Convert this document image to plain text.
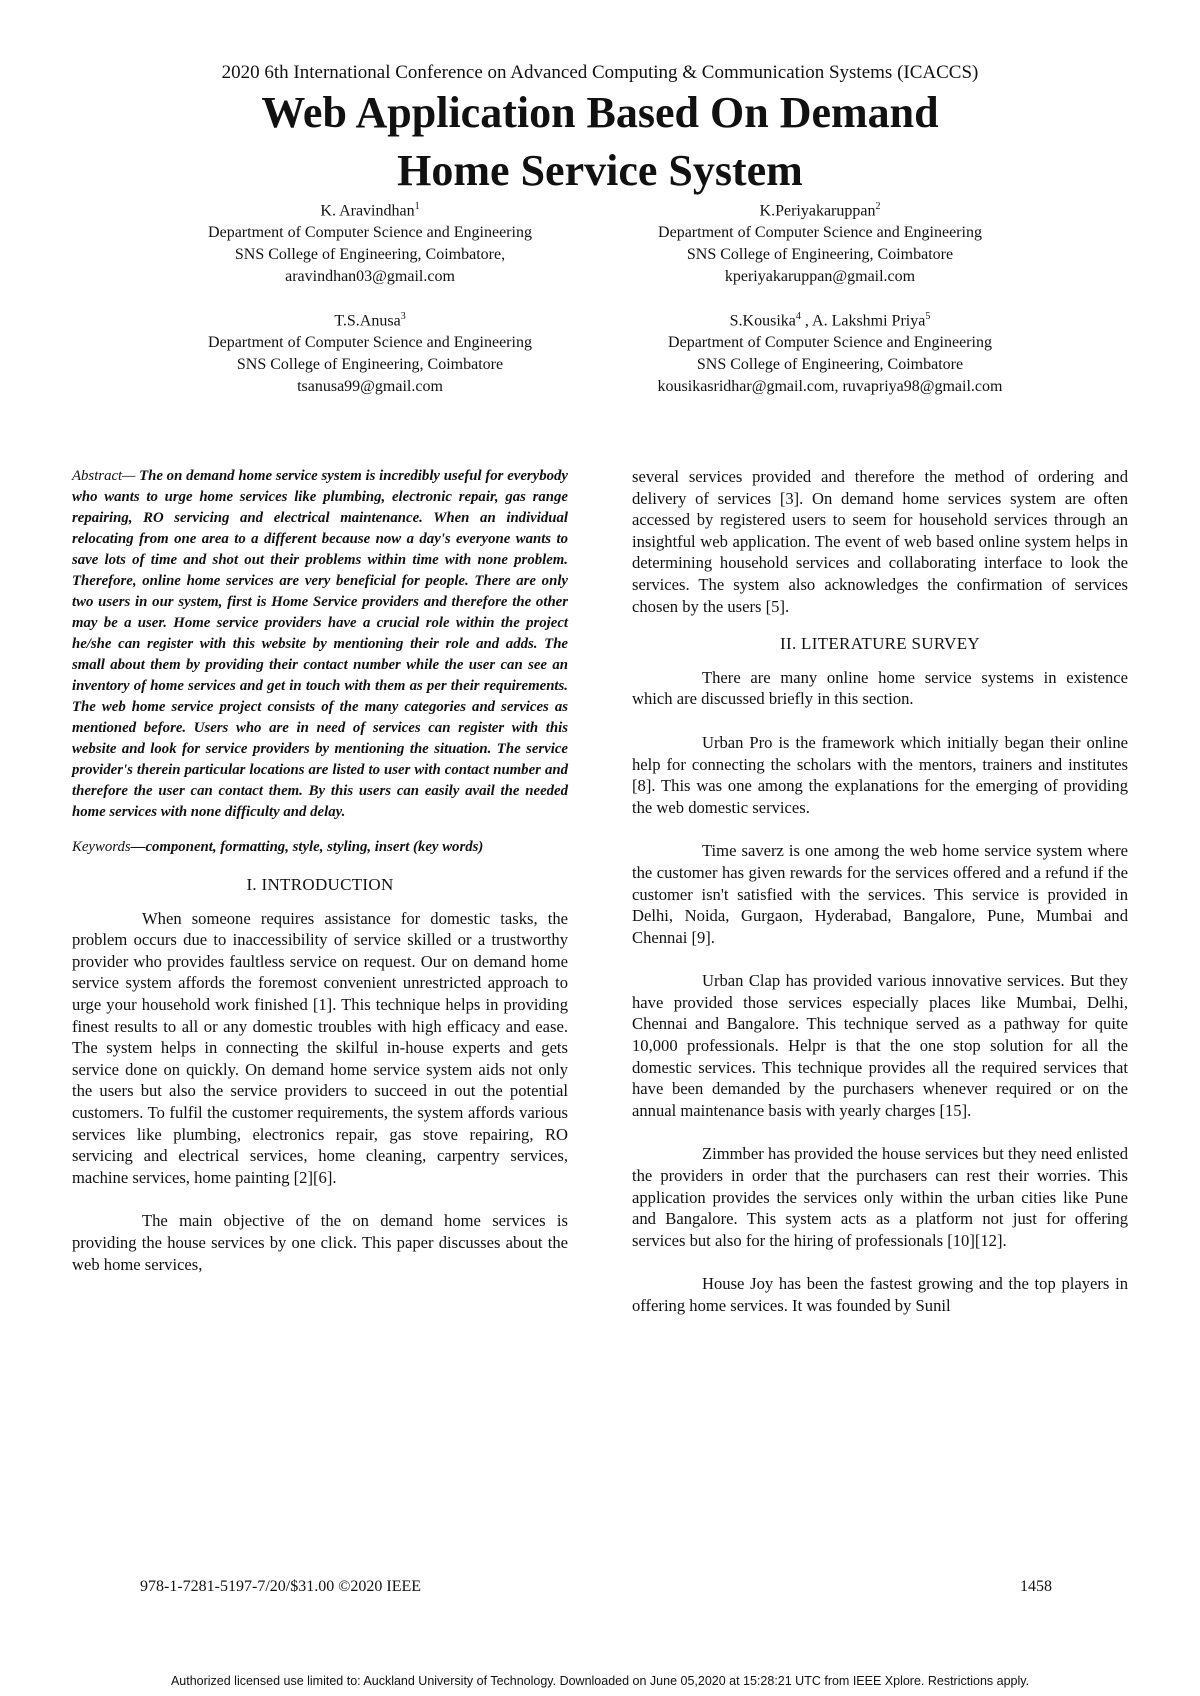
2020 6th International Conference on Advanced Computing & Communication Systems (ICACCS)
Web Application Based On Demand
Home Service System
K. Aravindhan$^1$
Department of Computer Science and Engineering
SNS College of Engineering, Coimbatore,
aravindhan03@gmail.com
K.Periyakaruppan$^2$
Department of Computer Science and Engineering
SNS College of Engineering, Coimbatore
kperiyakaruppan@gmail.com
T.S.Anusa$^3$
Department of Computer Science and Engineering
SNS College of Engineering, Coimbatore
tsanusa99@gmail.com
S.Kousika$^4$ , A. Lakshmi Priya$^5$
Department of Computer Science and Engineering
SNS College of Engineering, Coimbatore
kousikasridhar@gmail.com, ruvapriya98@gmail.com

Abstract— The on demand home service system is incredibly useful for everybody who wants to urge home services like plumbing, electronic repair, gas range repairing, RO servicing and electrical maintenance. When an individual relocating from one area to a different because now a day's everyone wants to save lots of time and shot out their problems within time with none problem. Therefore, online home services are very beneficial for people. There are only two users in our system, first is Home Service providers and therefore the other may be a user. Home service providers have a crucial role within the project he/she can register with this website by mentioning their role and adds. The small about them by providing their contact number while the user can see an inventory of home services and get in touch with them as per their requirements. The web home service project consists of the many categories and services as mentioned before. Users who are in need of services can register with this website and look for service providers by mentioning the situation. The service provider's therein particular locations are listed to user with contact number and therefore the user can contact them. By this users can easily avail the needed home services with none difficulty and delay.

Keywords—component, formatting, style, styling, insert (key words)

I. INTRODUCTION

When someone requires assistance for domestic tasks, the problem occurs due to inaccessibility of service skilled or a trustworthy provider who provides faultless service on request. Our on demand home service system affords the foremost convenient unrestricted approach to urge your household work finished [1]. This technique helps in providing finest results to all or any domestic troubles with high efficacy and ease. The system helps in connecting the skilful in-house experts and gets service done on quickly. On demand home service system aids not only the users but also the service providers to succeed in out the potential customers. To fulfil the customer requirements, the system affords various services like plumbing, electronics repair, gas stove repairing, RO servicing and electrical services, home cleaning, carpentry services, machine services, home painting [2][6].

The main objective of the on demand home services is providing the house services by one click. This paper discusses about the web home services,

several services provided and therefore the method of ordering and delivery of services [3]. On demand home services system are often accessed by registered users to seem for household services through an insightful web application. The event of web based online system helps in determining household services and collaborating interface to look the services. The system also acknowledges the confirmation of services chosen by the users [5].

II. LITERATURE SURVEY

There are many online home service systems in existence which are discussed briefly in this section.

Urban Pro is the framework which initially began their online help for connecting the scholars with the mentors, trainers and institutes [8]. This was one among the explanations for the emerging of providing the web domestic services.

Time saverz is one among the web home service system where the customer has given rewards for the services offered and a refund if the customer isn't satisfied with the services. This service is provided in Delhi, Noida, Gurgaon, Hyderabad, Bangalore, Pune, Mumbai and Chennai [9].

Urban Clap has provided various innovative services. But they have provided those services especially places like Mumbai, Delhi, Chennai and Bangalore. This technique served as a pathway for quite 10,000 professionals. Helpr is that the one stop solution for all the domestic services. This technique provides all the required services that have been demanded by the purchasers whenever required or on the annual maintenance basis with yearly charges [15].

Zimmber has provided the house services but they need enlisted the providers in order that the purchasers can rest their worries. This application provides the services only within the urban cities like Pune and Bangalore. This system acts as a platform not just for offering services but also for the hiring of professionals [10][12].

House Joy has been the fastest growing and the top players in offering home services. It was founded by Sunil

978-1-7281-5197-7/20/$31.00 ©2020 IEEE	1458
Authorized licensed use limited to: Auckland University of Technology. Downloaded on June 05,2020 at 15:28:21 UTC from IEEE Xplore. Restrictions apply.
